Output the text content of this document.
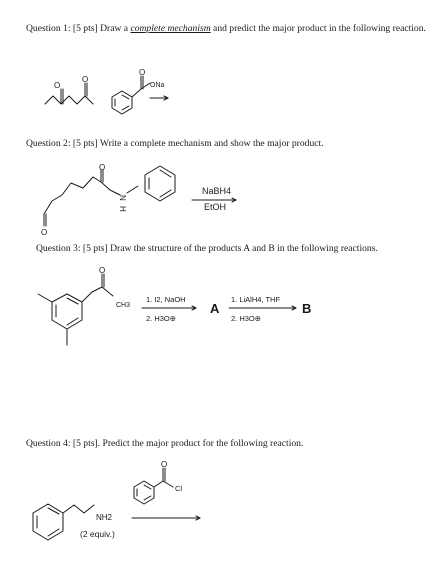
Question 1: [5 pts] Draw a complete mechanism and predict the major product in the following reaction.
Question 2: [5 pts] Write a complete mechanism and show the major product.
Question 3: [5 pts] Draw the structure of the products A and B in the following reactions.
Question 4: [5 pts]. Predict the major product for the following reaction.
O
O
O
ONa
O
O
N
H
NaBH4
EtOH
O
CH3
1. I2, NaOH
2. H3O⊕
A
1. LiAlH4, THF
2. H3O⊕
B
NH2
(2 equiv.)
O
Cl
